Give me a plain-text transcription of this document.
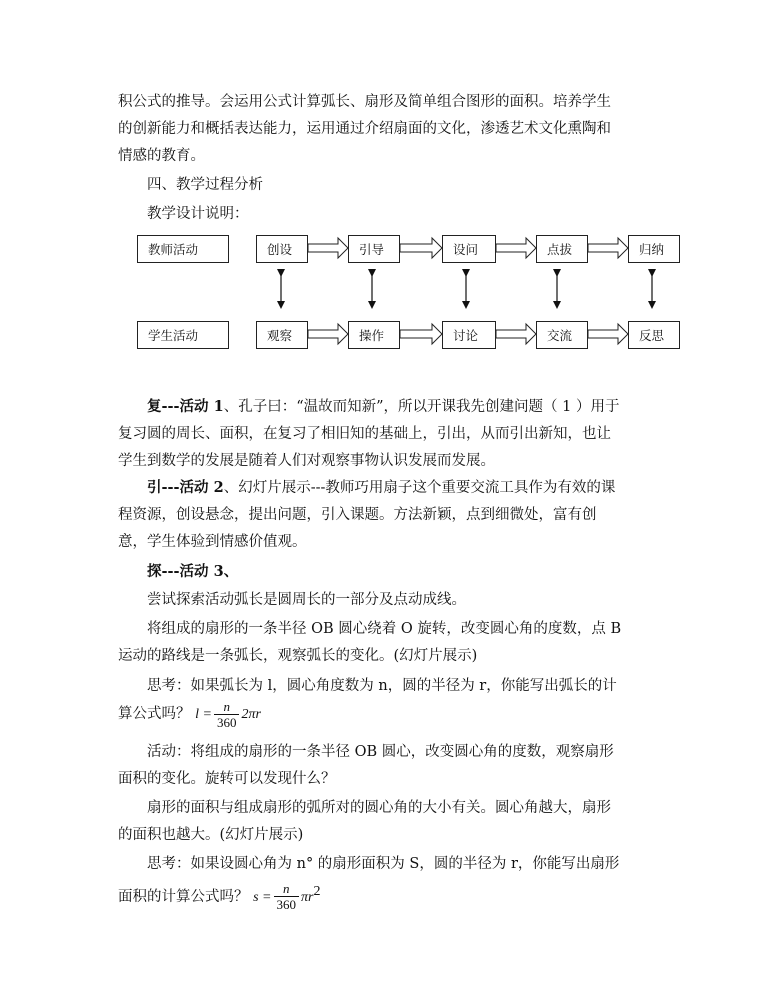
积公式的推导。会运用公式计算弧长、扇形及简单组合图形的面积。培养学生
的创新能力和概括表达能力，运用通过介绍扇面的文化，渗透艺术文化熏陶和
情感的教育。
四、教学过程分析
教学设计说明：
教师活动	创设	引导	设问	点拔	归纳
学生活动	观察	操作	讨论	交流	反思
复---活动 1、孔子曰：“温故而知新”，所以开课我先创建问题（ 1 ）用于
复习圆的周长、面积，在复习了相旧知的基础上，引出，从而引出新知，也让
学生到数学的发展是随着人们对观察事物认识发展而发展。
引---活动 2、幻灯片展示---教师巧用扇子这个重要交流工具作为有效的课
程资源，创设悬念，提出问题，引入课题。方法新颖，点到细微处，富有创
意，学生体验到情感价值观。
探---活动 3、
尝试探索活动弧长是圆周长的一部分及点动成线。
将组成的扇形的一条半径 OB 圆心绕着 O 旋转，改变圆心角的度数，点 B
运动的路线是一条弧长，观察弧长的变化。(幻灯片展示)
思考：如果弧长为 l，圆心角度数为 n，圆的半径为 r，你能写出弧长的计
算公式吗？ $l = \frac{n}{360} 2\pi r$
活动：将组成的扇形的一条半径 OB 圆心，改变圆心角的度数，观察扇形
面积的变化。旋转可以发现什么？
扇形的面积与组成扇形的弧所对的圆心角的大小有关。圆心角越大，扇形
的面积也越大。(幻灯片展示)
思考：如果设圆心角为 n° 的扇形面积为 S，圆的半径为 r，你能写出扇形
面积的计算公式吗？ $s = \frac{n}{360} \pi r^2$
